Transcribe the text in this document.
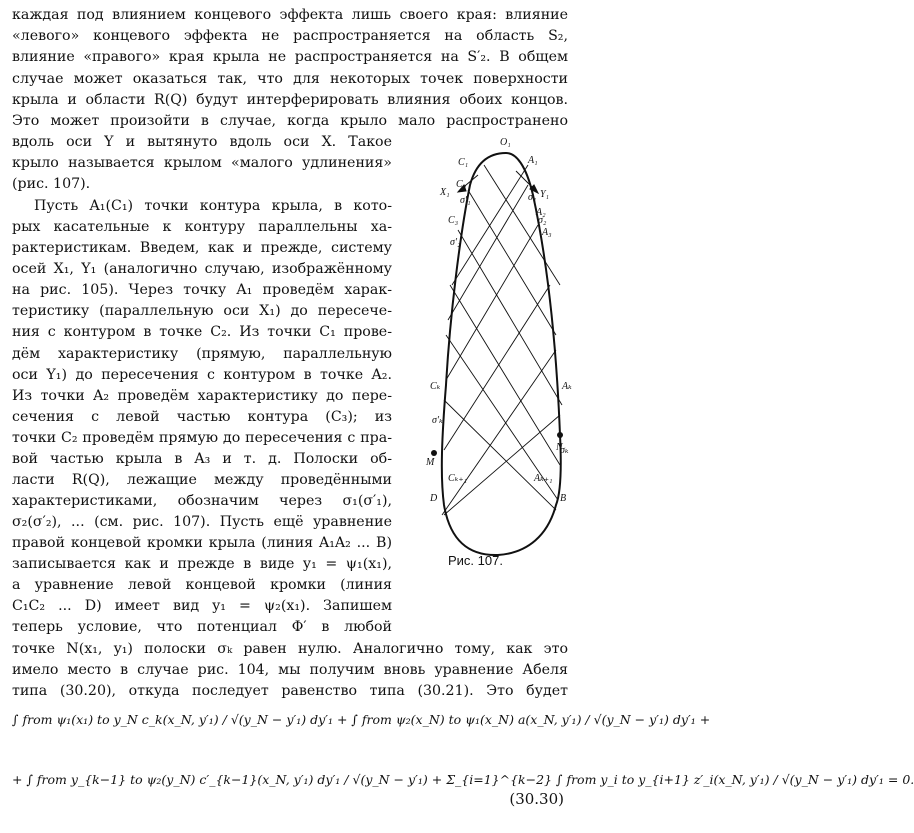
каждая под влиянием концевого эффекта лишь своего края: влияние
«левого» концевого эффекта не распространяется на область S₂,
влияние «правого» края крыла не распространяется на S′₂. В общем
случае может оказаться так, что для некоторых точек поверхности
крыла и области R(Q) будут интерферировать влияния обоих концов.
Это может произойти в случае, когда крыло мало распространено
вдоль оси Y и вытянуто вдоль оси X. Такое
крыло называется крылом «малого удлинения»
(рис. 107).
Пусть A₁(C₁) точки контура крыла, в кото-
рых касательные к контуру параллельны ха-
рактеристикам. Введем, как и прежде, систему
осей X₁, Y₁ (аналогично случаю, изображённому
на рис. 105). Через точку A₁ проведём харак-
теристику (параллельную оси X₁) до пересече-
ния с контуром в точке C₂. Из точки C₁ прове-
дём характеристику (прямую, параллельную
оси Y₁) до пересечения с контуром в точке A₂.
Из точки A₂ проведём характеристику до пере-
сечения с левой частью контура (C₃); из
точки C₂ проведём прямую до пересечения с пра-
вой частью крыла в A₃ и т. д. Полоски об-
ласти R(Q), лежащие между проведёнными
характеристиками, обозначим через σ₁(σ′₁),
σ₂(σ′₂), ... (см. рис. 107). Пусть ещё уравнение
правой концевой кромки крыла (линия A₁A₂ ... B)
записывается как и прежде в виде y₁ = ψ₁(x₁),
а уравнение левой концевой кромки (линия
C₁C₂ ... D) имеет вид y₁ = ψ₂(x₁). Запишем
теперь условие, что потенциал Φ′ в любой
точке N(x₁, y₁) полоски σₖ равен нулю. Аналогично тому, как это
имело место в случае рис. 104, мы получим вновь уравнение Абеля
типа (30.20), откуда последует равенство типа (30.21). Это будет
O₁
C₁	A₁
X₁	Y₁
C₂
A₂
C₃
A₃
σ₁
σ′₁
σ₂
σ′₂
Cₖ	Aₖ
σ′ₖ
σₖ
M
N
Cₖ₊₁	Aₖ₊₁
D	B
Рис. 107.
∫ from ψ₁(x₁) to y_N c_k(x_N, y′₁) / √(y_N − y′₁) dy′₁ + ∫ from ψ₂(x_N) to ψ₁(x_N) a(x_N, y′₁) / √(y_N − y′₁) dy′₁ +
+ ∫ from y_{k−1} to ψ₂(y_N) c′_{k−1}(x_N, y′₁) dy′₁ / √(y_N − y′₁) + Σ_{i=1}^{k−2} ∫ from y_i to y_{i+1} z′_i(x_N, y′₁) / √(y_N − y′₁) dy′₁ = 0.
(30.30)
